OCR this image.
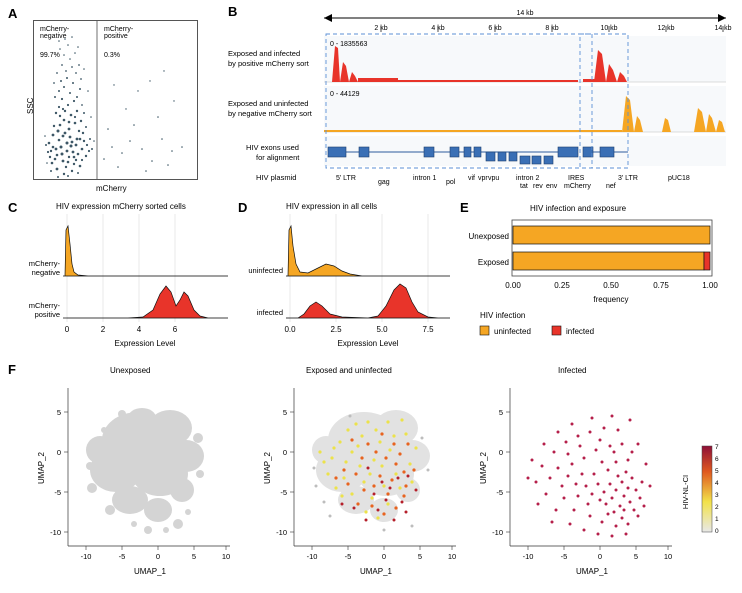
A
mCherry-
negative
99.7%
mCherry-
positive
0.3%
mCherry
SSC
B	14 kb
2 kb	4 kb	6 kb	8 kb	10 kb	12 kb	14 kb
0 - 1835563
0 - 44129
Exposed and infected
by positive mCherry sort
Exposed and uninfected
by negative mCherry sort
HIV exons used
for alignment
HIV plasmid	5' LTR
gag
intron 1
pol
vif vpr vpu intron 2
tat rev env
IRES
mCherry
3' LTR
nef
pUC18
C	HIV expression mCherry sorted cells
0	2	4	6
Expression Level
mCherry-
negative
mCherry-
positive
D	HIV expression in all cells
0.0	2.5	5.0	7.5
Expression Level
uninfected
infected
E	HIV infection and exposure
Unexposed
Exposed
0.00	0.25	0.50	0.75	1.00
frequency
HIV infection
uninfected	infected
F	Unexposed
5
0
-5
-10
-10	-5	0	5	10
UMAP_1
UMAP_2
Exposed and uninfected
5
0
-5
-10
-10	-5	0	5	10
UMAP_1
UMAP_2
Infected
5
0
-5
-10
-10	-5	0	5	10
UMAP_1
UMAP_2
HIV-NL-CI
7
6
5
4
3
2
1
0
